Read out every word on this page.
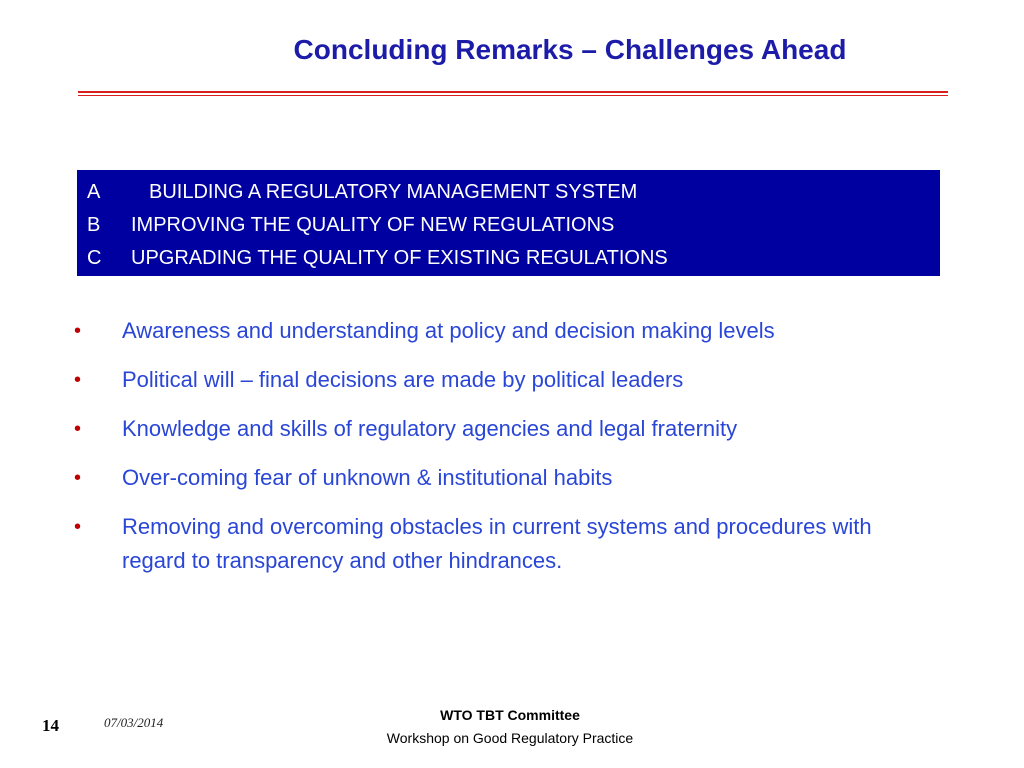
Concluding Remarks – Challenges Ahead
A	BUILDING A REGULATORY MANAGEMENT SYSTEM
B	IMPROVING THE QUALITY OF NEW REGULATIONS
C	UPGRADING THE QUALITY OF EXISTING REGULATIONS
•	Awareness and understanding at policy and decision making levels
•	Political will – final decisions are made by political leaders
•	Knowledge and skills of regulatory agencies and legal fraternity
•	Over-coming fear of unknown & institutional habits
•	Removing and overcoming obstacles in current systems and procedures with regard to transparency and other hindrances.
14	07/03/2014	WTO TBT Committee
Workshop on Good Regulatory Practice
